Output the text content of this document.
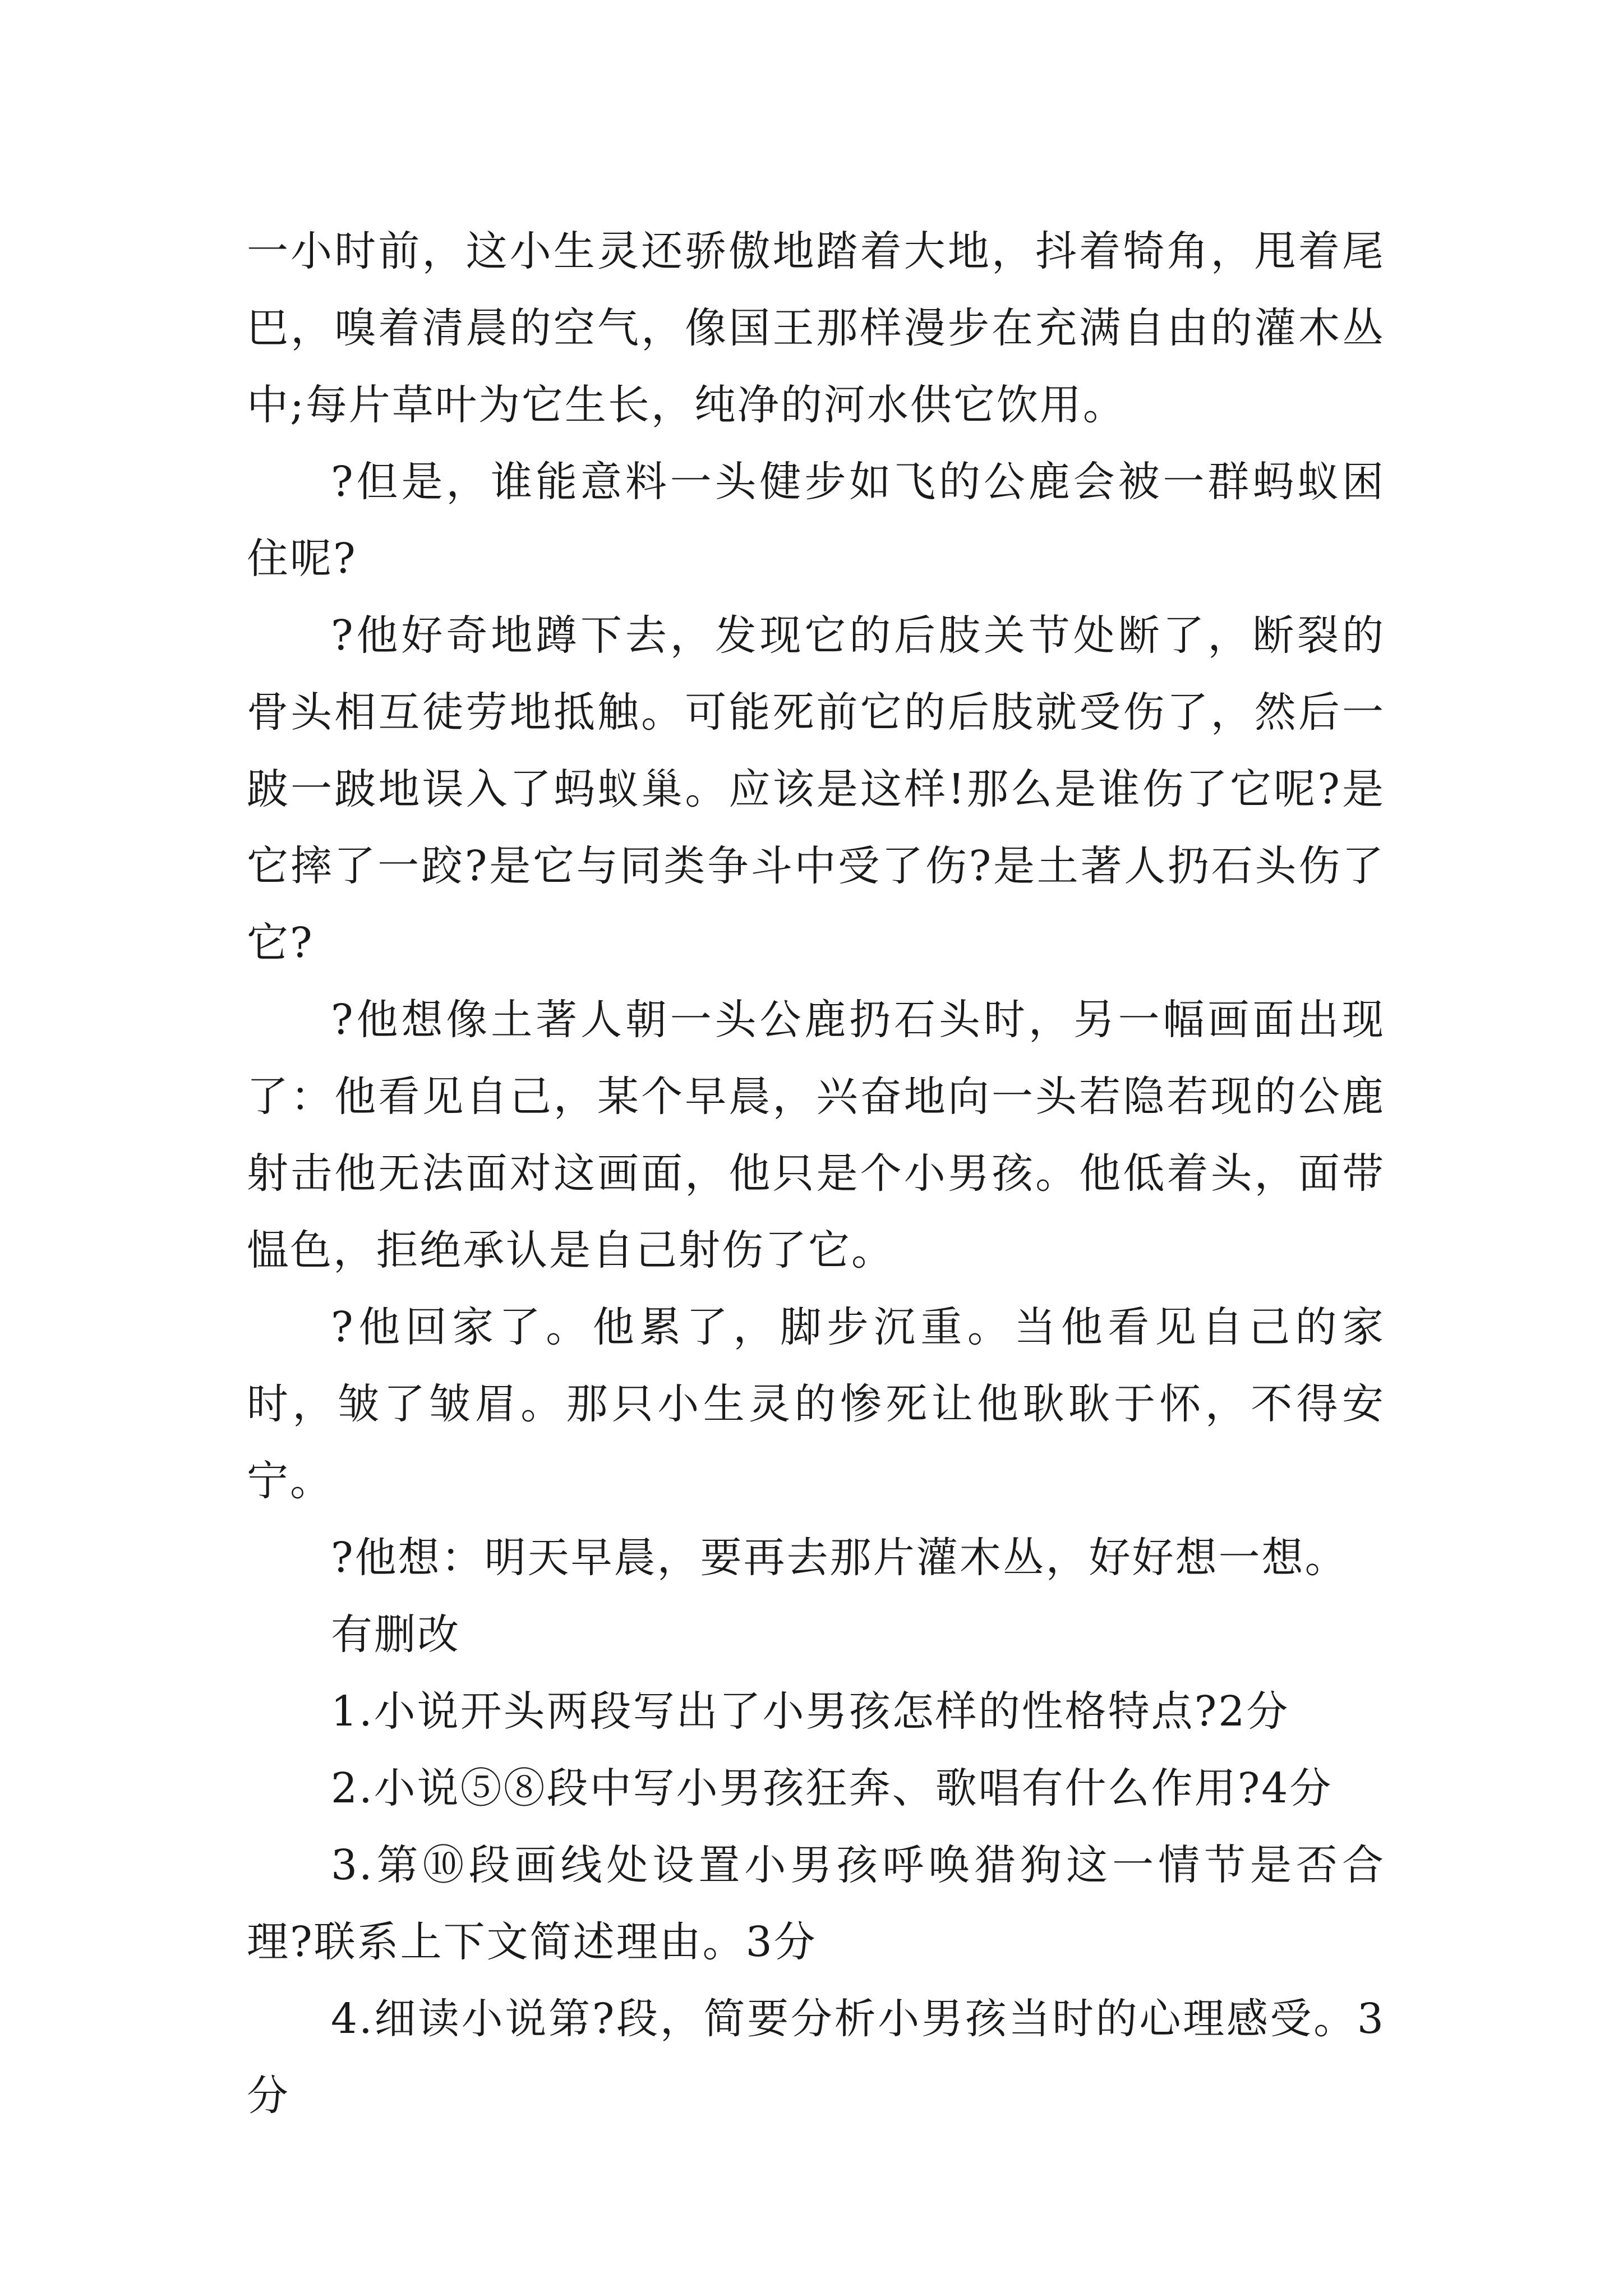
一小时前，这小生灵还骄傲地踏着大地，抖着犄角，甩着尾巴，嗅着清晨的空气，像国王那样漫步在充满自由的灌木丛中;每片草叶为它生长，纯净的河水供它饮用。

?但是，谁能意料一头健步如飞的公鹿会被一群蚂蚁困住呢?

?他好奇地蹲下去，发现它的后肢关节处断了，断裂的骨头相互徒劳地抵触。可能死前它的后肢就受伤了，然后一跛一跛地误入了蚂蚁巢。应该是这样!那么是谁伤了它呢?是它摔了一跤?是它与同类争斗中受了伤?是土著人扔石头伤了它?

?他想像土著人朝一头公鹿扔石头时，另一幅画面出现了：他看见自己，某个早晨，兴奋地向一头若隐若现的公鹿射击他无法面对这画面，他只是个小男孩。他低着头，面带愠色，拒绝承认是自己射伤了它。

?他回家了。他累了，脚步沉重。当他看见自己的家时，皱了皱眉。那只小生灵的惨死让他耿耿于怀，不得安宁。

?他想：明天早晨，要再去那片灌木丛，好好想一想。

有删改

1.小说开头两段写出了小男孩怎样的性格特点?2分

2.小说⑤⑧段中写小男孩狂奔、歌唱有什么作用?4分

3.第⑩段画线处设置小男孩呼唤猎狗这一情节是否合理?联系上下文简述理由。3分

4.细读小说第?段，简要分析小男孩当时的心理感受。3分
